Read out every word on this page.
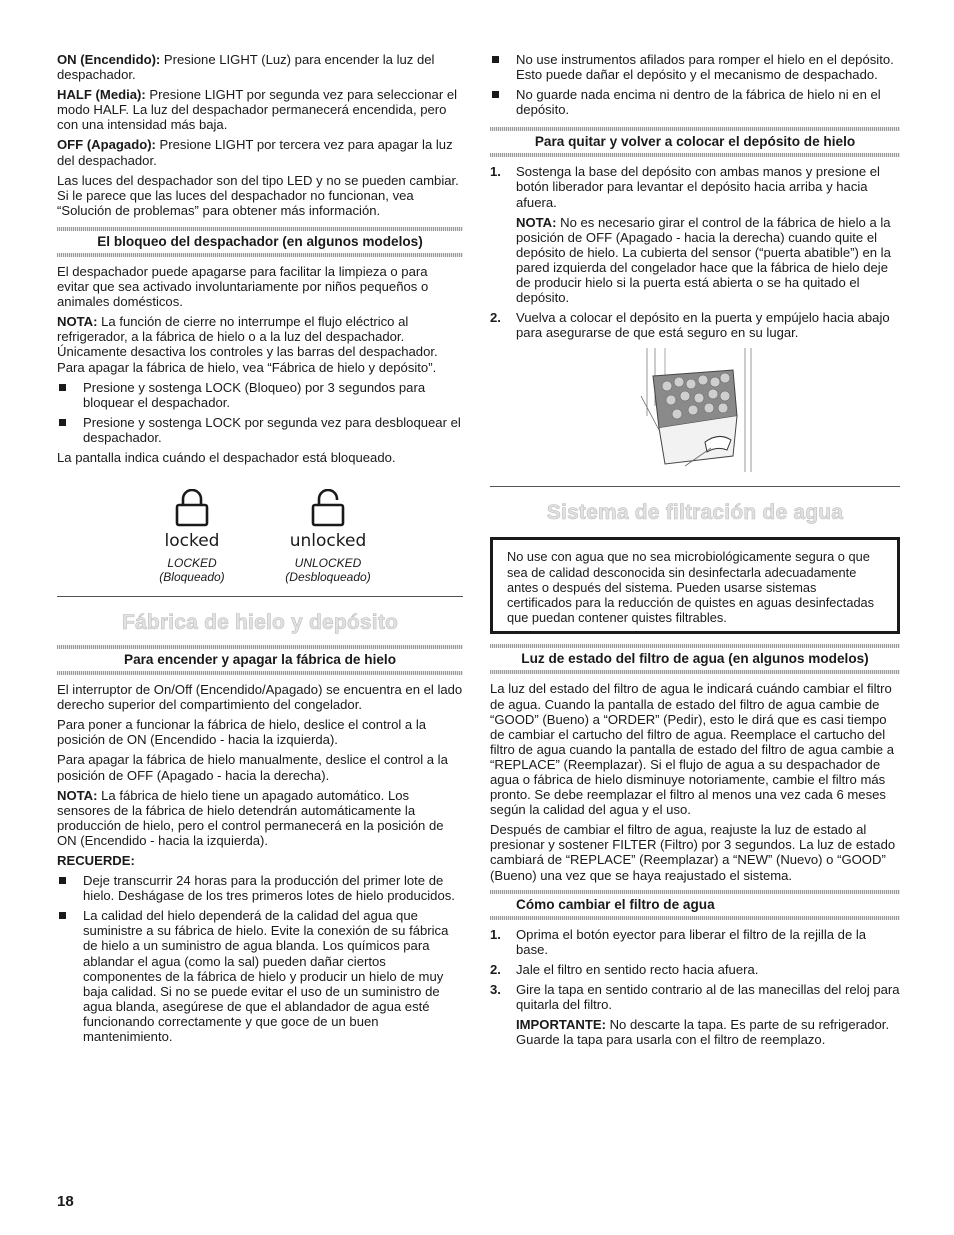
ON (Encendido): Presione LIGHT (Luz) para encender la luz del despachador.

HALF (Media): Presione LIGHT por segunda vez para seleccionar el modo HALF. La luz del despachador permanecerá encendida, pero con una intensidad más baja.

OFF (Apagado): Presione LIGHT por tercera vez para apagar la luz del despachador.

Las luces del despachador son del tipo LED y no se pueden cambiar. Si le parece que las luces del despachador no funcionan, vea “Solución de problemas” para obtener más información.

El bloqueo del despachador (en algunos modelos)

El despachador puede apagarse para facilitar la limpieza o para evitar que sea activado involuntariamente por niños pequeños o animales domésticos.

NOTA: La función de cierre no interrumpe el flujo eléctrico al refrigerador, a la fábrica de hielo o a la luz del despachador. Únicamente desactiva los controles y las barras del despachador. Para apagar la fábrica de hielo, vea “Fábrica de hielo y depósito”.

Presione y sostenga LOCK (Bloqueo) por 3 segundos para bloquear el despachador.
Presione y sostenga LOCK por segunda vez para desbloquear el despachador.

La pantalla indica cuándo el despachador está bloqueado.

locked
LOCKED
(Bloqueado)
unlocked
UNLOCKED
(Desbloqueado)
Fábrica de hielo y depósito
Para encender y apagar la fábrica de hielo

El interruptor de On/Off (Encendido/Apagado) se encuentra en el lado derecho superior del compartimiento del congelador.

Para poner a funcionar la fábrica de hielo, deslice el control a la posición de ON (Encendido - hacia la izquierda).

Para apagar la fábrica de hielo manualmente, deslice el control a la posición de OFF (Apagado - hacia la derecha).

NOTA: La fábrica de hielo tiene un apagado automático. Los sensores de la fábrica de hielo detendrán automáticamente la producción de hielo, pero el control permanecerá en la posición de ON (Encendido - hacia la izquierda).

RECUERDE:

Deje transcurrir 24 horas para la producción del primer lote de hielo. Deshágase de los tres primeros lotes de hielo producidos.
La calidad del hielo dependerá de la calidad del agua que suministre a su fábrica de hielo. Evite la conexión de su fábrica de hielo a un suministro de agua blanda. Los químicos para ablandar el agua (como la sal) pueden dañar ciertos componentes de la fábrica de hielo y producir un hielo de muy baja calidad. Si no se puede evitar el uso de un suministro de agua blanda, asegúrese de que el ablandador de agua esté funcionando correctamente y que goce de un buen mantenimiento.
No use instrumentos afilados para romper el hielo en el depósito. Esto puede dañar el depósito y el mecanismo de despachado.
No guarde nada encima ni dentro de la fábrica de hielo ni en el depósito.
Para quitar y volver a colocar el depósito de hielo
1. Sostenga la base del depósito con ambas manos y presione el botón liberador para levantar el depósito hacia arriba y hacia afuera.

NOTA: No es necesario girar el control de la fábrica de hielo a la posición de OFF (Apagado - hacia la derecha) cuando quite el depósito de hielo. La cubierta del sensor (“puerta abatible”) en la pared izquierda del congelador hace que la fábrica de hielo deje de producir hielo si la puerta está abierta o se ha quitado el depósito.

2. Vuelva a colocar el depósito en la puerta y empújelo hacia abajo para asegurarse de que está seguro en su lugar.

Sistema de filtración de agua

No use con agua que no sea microbiológicamente segura o que sea de calidad desconocida sin desinfectarla adecuadamente antes o después del sistema. Pueden usarse sistemas certificados para la reducción de quistes en aguas desinfectadas que puedan contener quistes filtrables.

Luz de estado del filtro de agua (en algunos modelos)

La luz del estado del filtro de agua le indicará cuándo cambiar el filtro de agua. Cuando la pantalla de estado del filtro de agua cambie de “GOOD” (Bueno) a “ORDER” (Pedir), esto le dirá que es casi tiempo de cambiar el cartucho del filtro de agua. Reemplace el cartucho del filtro de agua cuando la pantalla de estado del filtro de agua cambie a “REPLACE” (Reemplazar). Si el flujo de agua a su despachador de agua o fábrica de hielo disminuye notoriamente, cambie el filtro más pronto. Se debe reemplazar el filtro al menos una vez cada 6 meses según la calidad del agua y el uso.

Después de cambiar el filtro de agua, reajuste la luz de estado al presionar y sostener FILTER (Filtro) por 3 segundos. La luz de estado cambiará de “REPLACE” (Reemplazar) a “NEW” (Nuevo) o “GOOD” (Bueno) una vez que se haya reajustado el sistema.

Cómo cambiar el filtro de agua
1. Oprima el botón eyector para liberar el filtro de la rejilla de la base.

2. Jale el filtro en sentido recto hacia afuera.

3. Gire la tapa en sentido contrario al de las manecillas del reloj para quitarla del filtro.

IMPORTANTE: No descarte la tapa. Es parte de su refrigerador. Guarde la tapa para usarla con el filtro de reemplazo.

18
